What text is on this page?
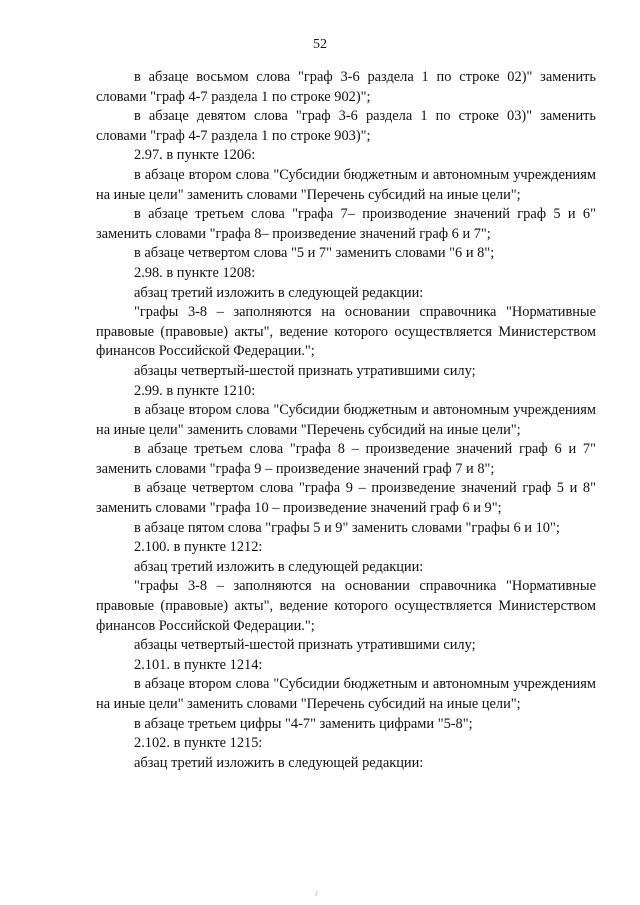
52

в абзаце восьмом слова "граф 3-6 раздела 1 по строке 02)" заменить словами "граф 4-7 раздела 1 по строке 902)";

в абзаце девятом слова "граф 3-6 раздела 1 по строке 03)" заменить словами "граф 4-7 раздела 1 по строке 903)";

2.97. в пункте 1206:

в абзаце втором слова "Субсидии бюджетным и автономным учреждениям на иные цели" заменить словами "Перечень субсидий на иные цели";

в абзаце третьем слова "графа 7– производение значений граф 5 и 6" заменить словами "графа 8– произведение значений граф 6 и 7";

в абзаце четвертом слова "5 и 7" заменить словами "6 и 8";

2.98. в пункте 1208:

абзац третий изложить в следующей редакции:

"графы 3-8 – заполняются на основании справочника "Нормативные правовые (правовые) акты", ведение которого осуществляется Министерством финансов Российской Федерации.";

абзацы четвертый-шестой признать утратившими силу;

2.99. в пункте 1210:

в абзаце втором слова "Субсидии бюджетным и автономным учреждениям на иные цели" заменить словами "Перечень субсидий на иные цели";

в абзаце третьем слова "графа 8 – произведение значений граф 6 и 7" заменить словами "графа 9 – произведение значений граф 7 и 8";

в абзаце четвертом слова "графа 9 – произведение значений граф 5 и 8" заменить словами "графа 10 – произведение значений граф 6 и 9";

в абзаце пятом слова "графы 5 и 9" заменить словами "графы 6 и 10";

2.100. в пункте 1212:

абзац третий изложить в следующей редакции:

"графы 3-8 – заполняются на основании справочника "Нормативные правовые (правовые) акты", ведение которого осуществляется Министерством финансов Российской Федерации.";

абзацы четвертый-шестой признать утратившими силу;

2.101. в пункте 1214:

в абзаце втором слова "Субсидии бюджетным и автономным учреждениям на иные цели" заменить словами "Перечень субсидий на иные цели";

в абзаце третьем цифры "4-7" заменить цифрами "5-8";

2.102. в пункте 1215:

абзац третий изложить в следующей редакции:
